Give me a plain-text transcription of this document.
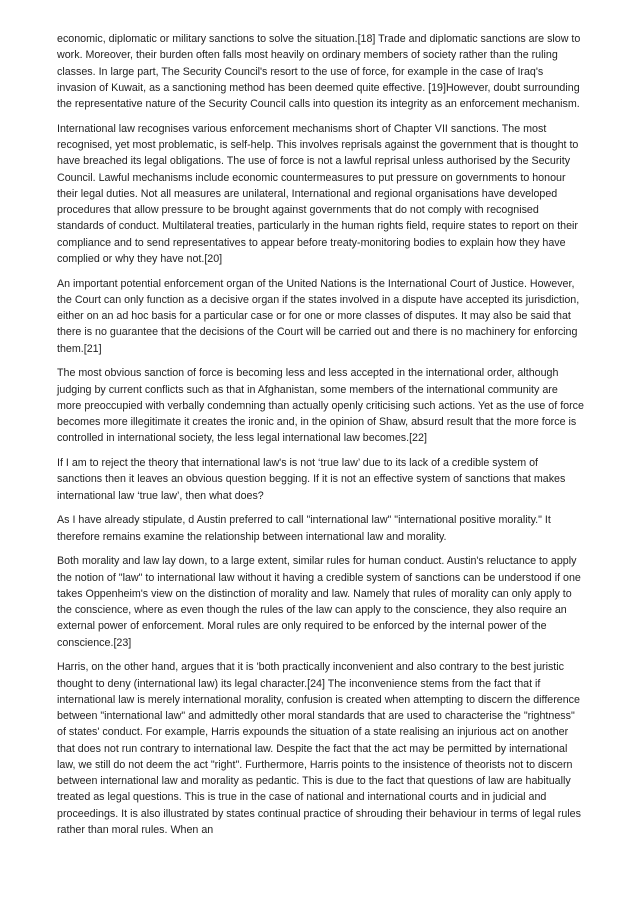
economic, diplomatic or military sanctions to solve the situation.[18] Trade and diplomatic sanctions are slow to work. Moreover, their burden often falls most heavily on ordinary members of society rather than the ruling classes. In large part, The Security Council's resort to the use of force, for example in the case of Iraq's invasion of Kuwait, as a sanctioning method has been deemed quite effective. [19]However, doubt surrounding the representative nature of the Security Council calls into question its integrity as an enforcement mechanism.

International law recognises various enforcement mechanisms short of Chapter VII sanctions. The most recognised, yet most problematic, is self-help. This involves reprisals against the government that is thought to have breached its legal obligations. The use of force is not a lawful reprisal unless authorised by the Security Council. Lawful mechanisms include economic countermeasures to put pressure on governments to honour their legal duties. Not all measures are unilateral, International and regional organisations have developed procedures that allow pressure to be brought against governments that do not comply with recognised standards of conduct. Multilateral treaties, particularly in the human rights field, require states to report on their compliance and to send representatives to appear before treaty-monitoring bodies to explain how they have complied or why they have not.[20]

An important potential enforcement organ of the United Nations is the International Court of Justice. However, the Court can only function as a decisive organ if the states involved in a dispute have accepted its jurisdiction, either on an ad hoc basis for a particular case or for one or more classes of disputes. It may also be said that there is no guarantee that the decisions of the Court will be carried out and there is no machinery for enforcing them.[21]

The most obvious sanction of force is becoming less and less accepted in the international order, although judging by current conflicts such as that in Afghanistan, some members of the international community are more preoccupied with verbally condemning than actually openly criticising such actions. Yet as the use of force becomes more illegitimate it creates the ironic and, in the opinion of Shaw, absurd result that the more force is controlled in international society, the less legal international law becomes.[22]

If I am to reject the theory that international law's is not ‘true law’ due to its lack of a credible system of sanctions then it leaves an obvious question begging. If it is not an effective system of sanctions that makes international law ‘true law’, then what does?

As I have already stipulate, d Austin preferred to call "international law" "international positive morality." It therefore remains examine the relationship between international law and morality.

Both morality and law lay down, to a large extent, similar rules for human conduct. Austin's reluctance to apply the notion of "law" to international law without it having a credible system of sanctions can be understood if one takes Oppenheim's view on the distinction of morality and law. Namely that rules of morality can only apply to the conscience, where as even though the rules of the law can apply to the conscience, they also require an external power of enforcement. Moral rules are only required to be enforced by the internal power of the conscience.[23]

Harris, on the other hand, argues that it is 'both practically inconvenient and also contrary to the best juristic thought to deny (international law) its legal character.[24] The inconvenience stems from the fact that if international law is merely international morality, confusion is created when attempting to discern the difference between "international law" and admittedly other moral standards that are used to characterise the "rightness" of states' conduct. For example, Harris expounds the situation of a state realising an injurious act on another that does not run contrary to international law. Despite the fact that the act may be permitted by international law, we still do not deem the act "right". Furthermore, Harris points to the insistence of theorists not to discern between international law and morality as pedantic. This is due to the fact that questions of law are habitually treated as legal questions. This is true in the case of national and international courts and in judicial and proceedings. It is also illustrated by states continual practice of shrouding their behaviour in terms of legal rules rather than moral rules. When an
